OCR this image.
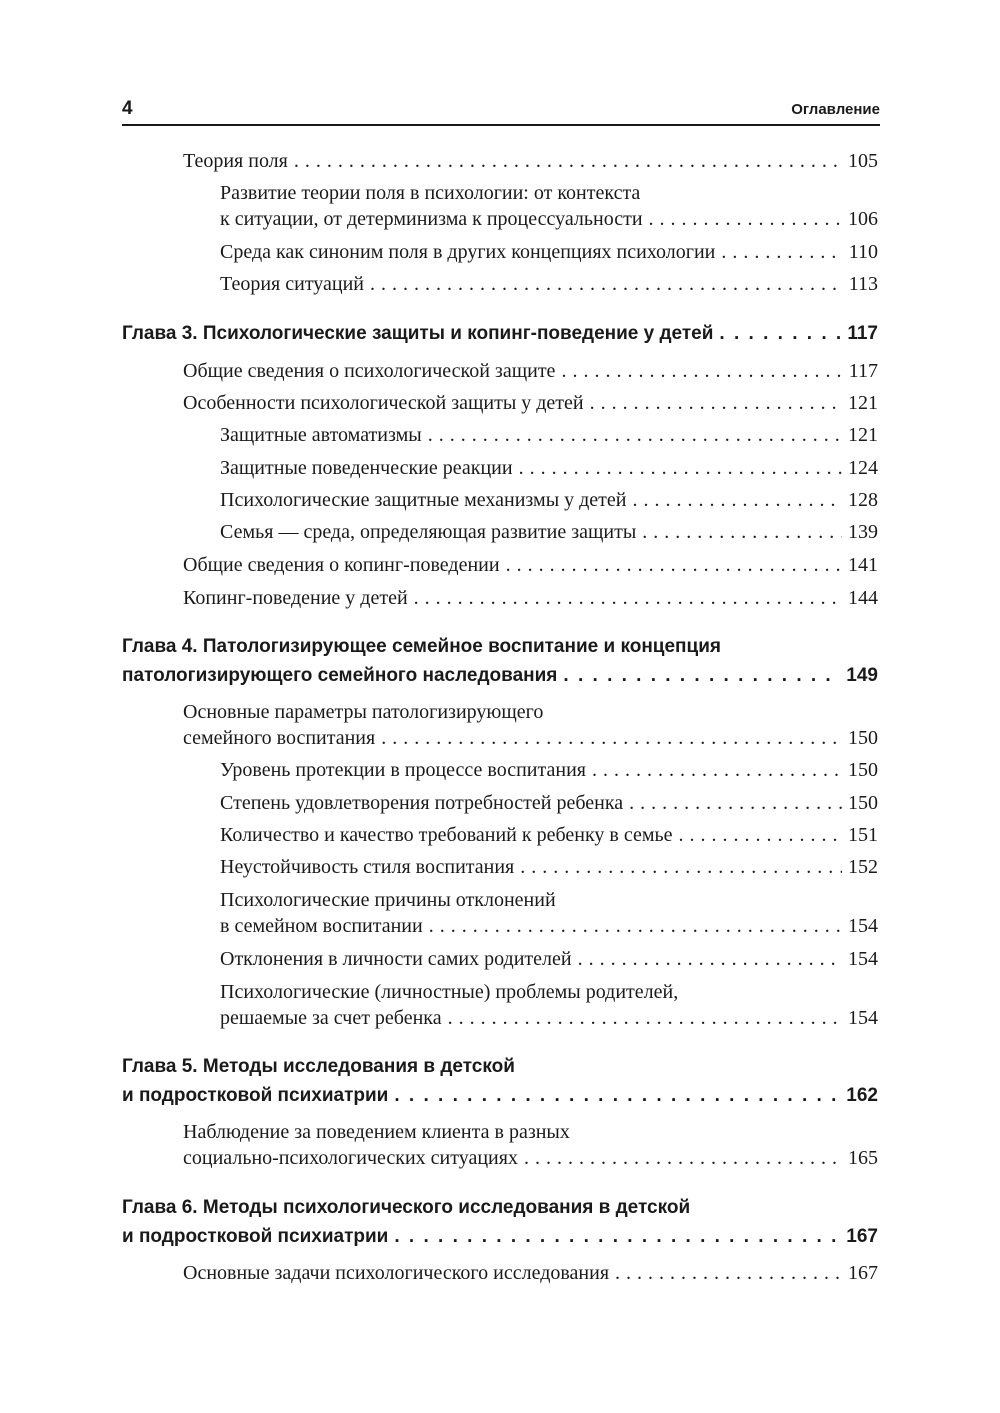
4	Оглавление
Теория поля . . .	105
Развитие теории поля в психологии: от контекста
к ситуации, от детерминизма к процессуальности . . .	106
Среда как синоним поля в других концепциях психологии . . .	110
Теория ситуаций . . .	113
Глава 3. Психологические защиты и копинг-поведение у детей . . .	117
Общие сведения о психологической защите . . .	117
Особенности психологической защиты у детей . . .	121
Защитные автоматизмы . . .	121
Защитные поведенческие реакции . . .	124
Психологические защитные механизмы у детей . . .	128
Семья — среда, определяющая развитие защиты . . .	139
Общие сведения о копинг-поведении . . .	141
Копинг-поведение у детей . . .	144
Глава 4. Патологизирующее семейное воспитание и концепция
патологизирующего семейного наследования . . .	149
Основные параметры патологизирующего
семейного воспитания . . .	150
Уровень протекции в процессе воспитания . . .	150
Степень удовлетворения потребностей ребенка . . .	150
Количество и качество требований к ребенку в семье . . .	151
Неустойчивость стиля воспитания . . .	152
Психологические причины отклонений
в семейном воспитании . . .	154
Отклонения в личности самих родителей . . .	154
Психологические (личностные) проблемы родителей,
решаемые за счет ребенка . . .	154
Глава 5. Методы исследования в детской
и подростковой психиатрии . . .	162
Наблюдение за поведением клиента в разных
социально-психологических ситуациях . . .	165
Глава 6. Методы психологического исследования в детской
и подростковой психиатрии . . .	167
Основные задачи психологического исследования . . .	167
